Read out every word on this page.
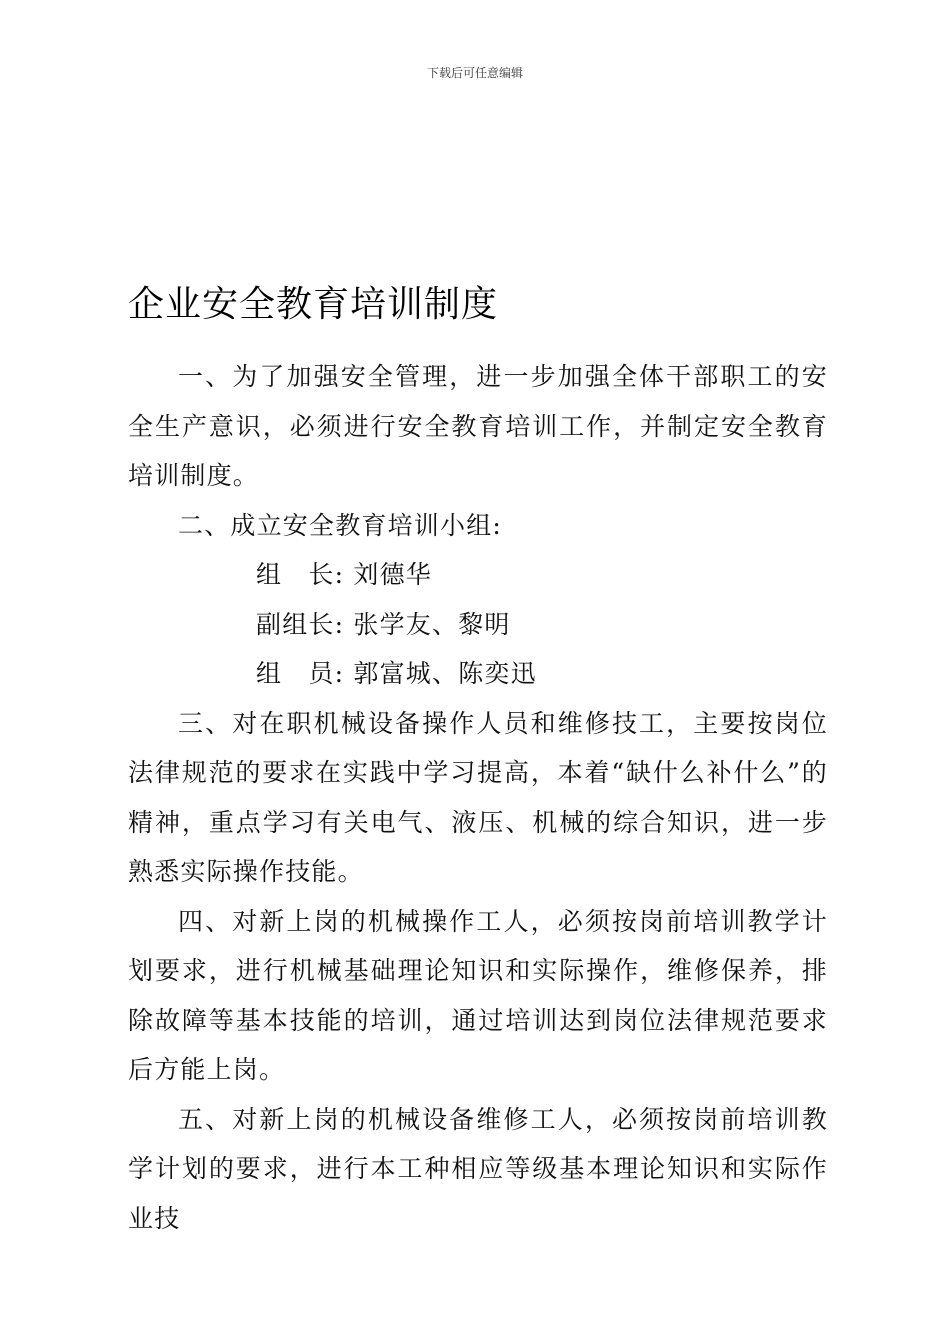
下载后可任意编辑
企业安全教育培训制度

一、为了加强安全管理，进一步加强全体干部职工的安全生产意识，必须进行安全教育培训工作，并制定安全教育培训制度。

二、成立安全教育培训小组:

组　长: 刘德华

副组长: 张学友、黎明

组　员: 郭富城、陈奕迅

三、对在职机械设备操作人员和维修技工，主要按岗位法律规范的要求在实践中学习提高，本着“缺什么补什么”的精神，重点学习有关电气、液压、机械的综合知识，进一步熟悉实际操作技能。

四、对新上岗的机械操作工人，必须按岗前培训教学计划要求，进行机械基础理论知识和实际操作，维修保养，排除故障等基本技能的培训，通过培训达到岗位法律规范要求后方能上岗。

五、对新上岗的机械设备维修工人，必须按岗前培训教学计划的要求，进行本工种相应等级基本理论知识和实际作业技
